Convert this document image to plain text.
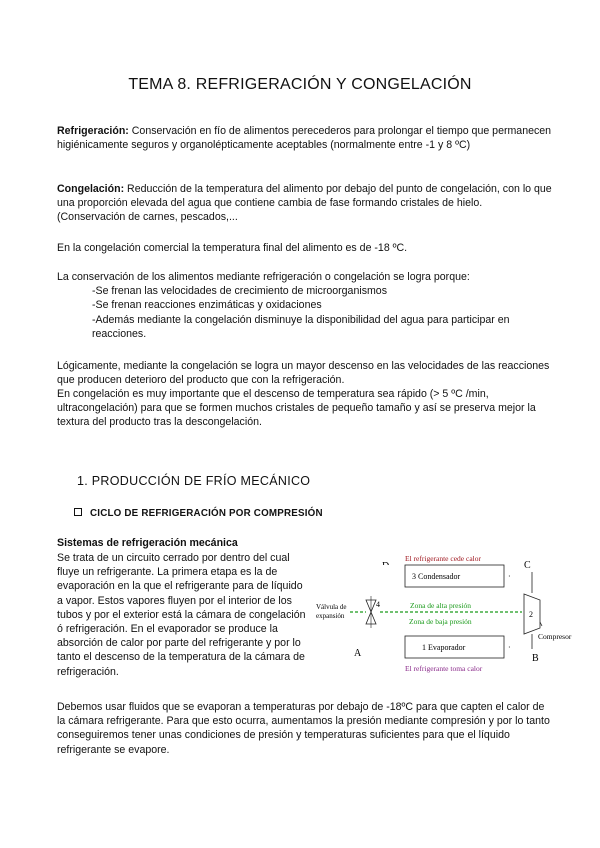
TEMA 8. REFRIGERACIÓN Y CONGELACIÓN

Refrigeración: Conservación en fío de alimentos perecederos para prolongar el tiempo que permanecen higiénicamente seguros y organolépticamente aceptables (normalmente entre -1 y 8 ºC)

Congelación: Reducción de la temperatura del alimento por debajo del punto de congelación, con lo que una proporción elevada del agua que contiene cambia de fase formando cristales de hielo. (Conservación de carnes, pescados,...

En la congelación comercial la temperatura final del alimento es de -18 ºC.

La conservación de los alimentos mediante refrigeración o congelación se logra porque:
-Se frenan las velocidades de crecimiento de microorganismos
-Se frenan reacciones enzimáticas y oxidaciones
-Además mediante la congelación disminuye la disponibilidad del agua para participar en
reacciones.

Lógicamente, mediante la congelación se logra un mayor descenso en las velocidades de las reacciones que producen deterioro del producto que con la refrigeración.

En congelación es muy importante que el descenso de temperatura sea rápido (> 5 ºC /min, ultracongelación) para que se formen muchos cristales de pequeño tamaño y así se preserva mejor la textura del producto tras la descongelación.

1. PRODUCCIÓN DE FRÍO MECÁNICO
CICLO DE REFRIGERACIÓN POR COMPRESIÓN

Sistemas de refrigeración mecánica

Se trata de un circuito cerrado por dentro del cual fluye un refrigerante. La primera etapa es la de evaporación en la que el refrigerante para de líquido a vapor. Estos vapores fluyen por el interior de los tubos y por el exterior está la cámara de congelación ó refrigeración. En el evaporador se produce la absorción de calor por parte del refrigerante y por lo tanto el descenso de la temperatura de la cámara de refrigeración.

Debemos usar fluidos que se evaporan a temperaturas por debajo de -18ºC para que capten el calor de la cámara refrigerante. Para que esto ocurra, aumentamos la presión mediante compresión y por lo tanto conseguiremos tener unas condiciones de presión y temperaturas suficientes para que el líquido refrigerante se evapore.

C
A	B
El refrigerante cede calor
3 Condensador	·
2
Compresor
Válvula de
expansión
4	Zona de alta presión
Zona de baja presión
1 Evaporador	·
El refrigerante toma calor
